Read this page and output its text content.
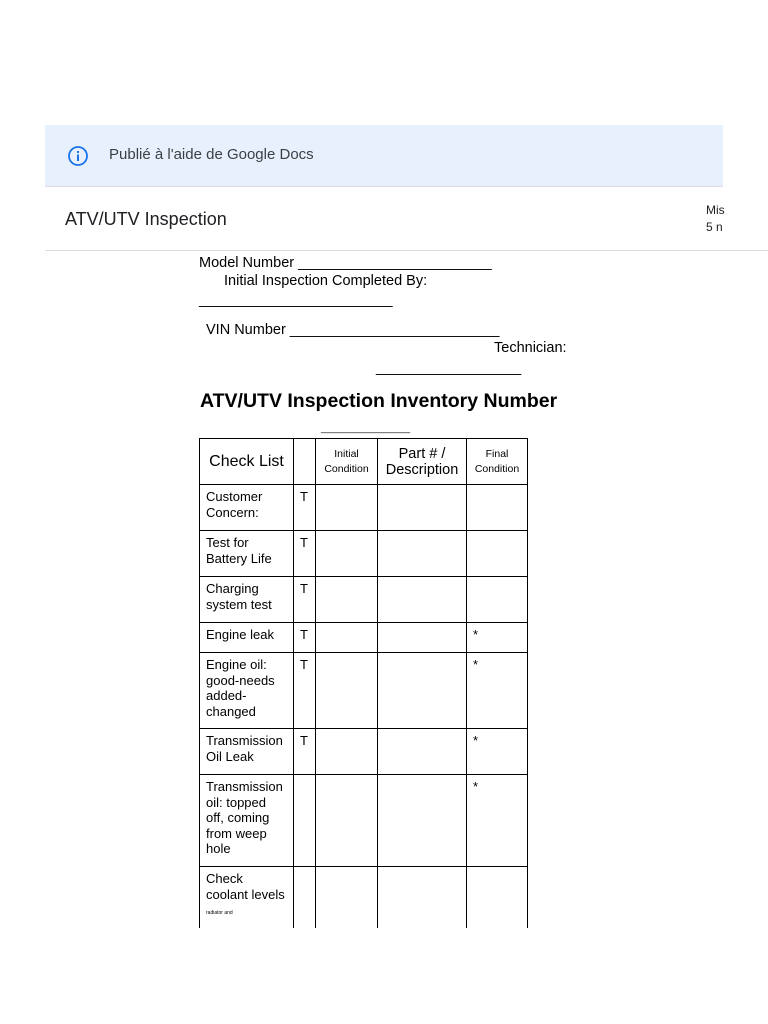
Publié à l'aide de Google Docs
ATV/UTV Inspection	Mis
5 n
Model Number ________________________
Initial Inspection Completed By:
________________________
VIN Number __________________________
Technician:
__________________
ATV/UTV Inspection Inventory Number
__________
Check List		Initial Condition	Part # / Description	Final Condition
Customer Concern:	T			
Test for Battery Life	T			
Charging system test	T			
Engine leak	T			*
Engine oil: good-needs added-changed	T			*
Transmission Oil Leak	T			*
Transmission oil: topped off, coming from weep hole				*
Check coolant levels radiator and				
